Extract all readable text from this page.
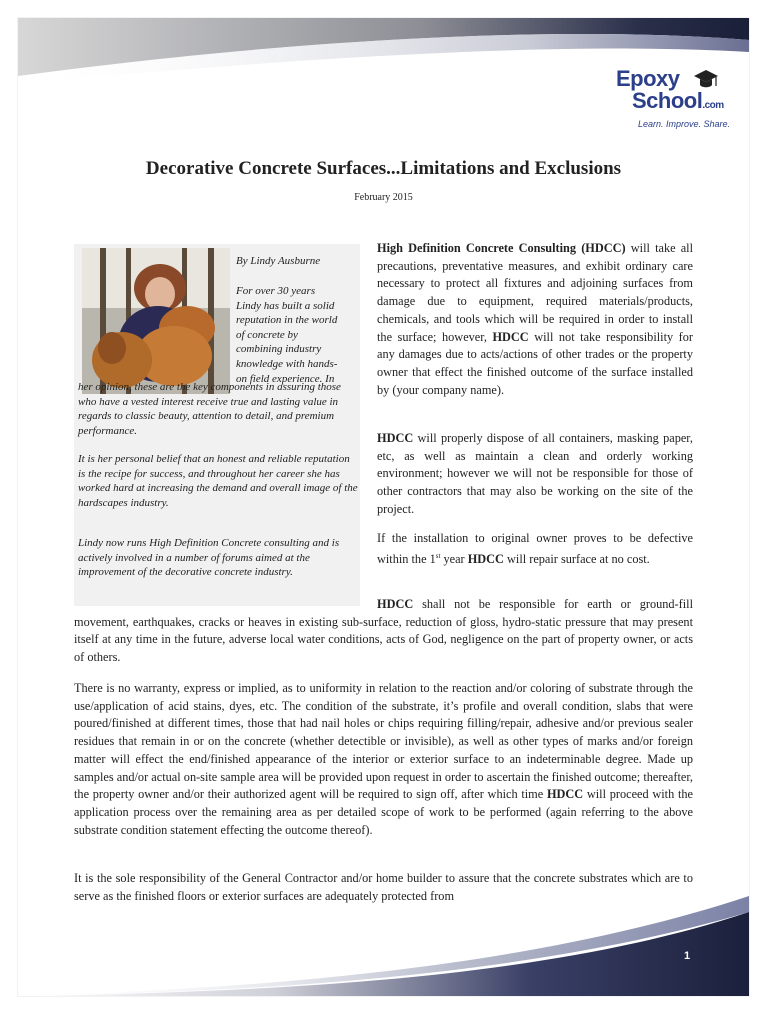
Epoxy
School.com
Learn. Improve. Share.
Decorative Concrete Surfaces...Limitations and Exclusions
February 2015
By Lindy Ausburne
For over 30 years
Lindy has built a solid
reputation in the world
of concrete by
combining industry
knowledge with hands-
on field experience. In
her opinion, these are the key components in assuring those who have a vested interest receive true and lasting value in regards to classic beauty, attention to detail, and premium performance.
It is her personal belief that an honest and reliable reputation is the recipe for success, and throughout her career she has worked hard at increasing the demand and overall image of the hardscapes industry.
Lindy now runs High Definition Concrete consulting and is actively involved in a number of forums aimed at the improvement of the decorative concrete industry.
High Definition Concrete Consulting (HDCC) will take all precautions, preventative measures, and exhibit ordinary care necessary to protect all fixtures and adjoining surfaces from damage due to equipment, required materials/products, chemicals, and tools which will be required in order to install the surface; however, HDCC will not take responsibility for any damages due to acts/actions of other trades or the property owner that effect the finished outcome of the surface installed by (your company name).
HDCC will properly dispose of all containers, masking paper, etc, as well as maintain a clean and orderly working environment; however we will not be responsible for those of other contractors that may also be working on the site of the project.
If the installation to original owner proves to be defective within the 1st year HDCC will repair surface at no cost.
HDCC shall not be responsible for earth or ground-fill movement, earthquakes, cracks or heaves in existing sub-surface, reduction of gloss, hydro-static pressure that may present itself at any time in the future, adverse local water conditions, acts of God, negligence on the part of property owner, or acts of others.
There is no warranty, express or implied, as to uniformity in relation to the reaction and/or coloring of substrate through the use/application of acid stains, dyes, etc. The condition of the substrate, it’s profile and overall condition, slabs that were poured/finished at different times, those that had nail holes or chips requiring filling/repair, adhesive and/or previous sealer residues that remain in or on the concrete (whether detectible or invisible), as well as other types of marks and/or foreign matter will effect the end/finished appearance of the interior or exterior surface to an indeterminable degree. Made up samples and/or actual on-site sample area will be provided upon request in order to ascertain the finished outcome; thereafter, the property owner and/or their authorized agent will be required to sign off, after which time HDCC will proceed with the application process over the remaining area as per detailed scope of work to be performed (again referring to the above substrate condition statement effecting the outcome thereof).
It is the sole responsibility of the General Contractor and/or home builder to assure that the concrete substrates which are to serve as the finished floors or exterior surfaces are adequately protected from
1
